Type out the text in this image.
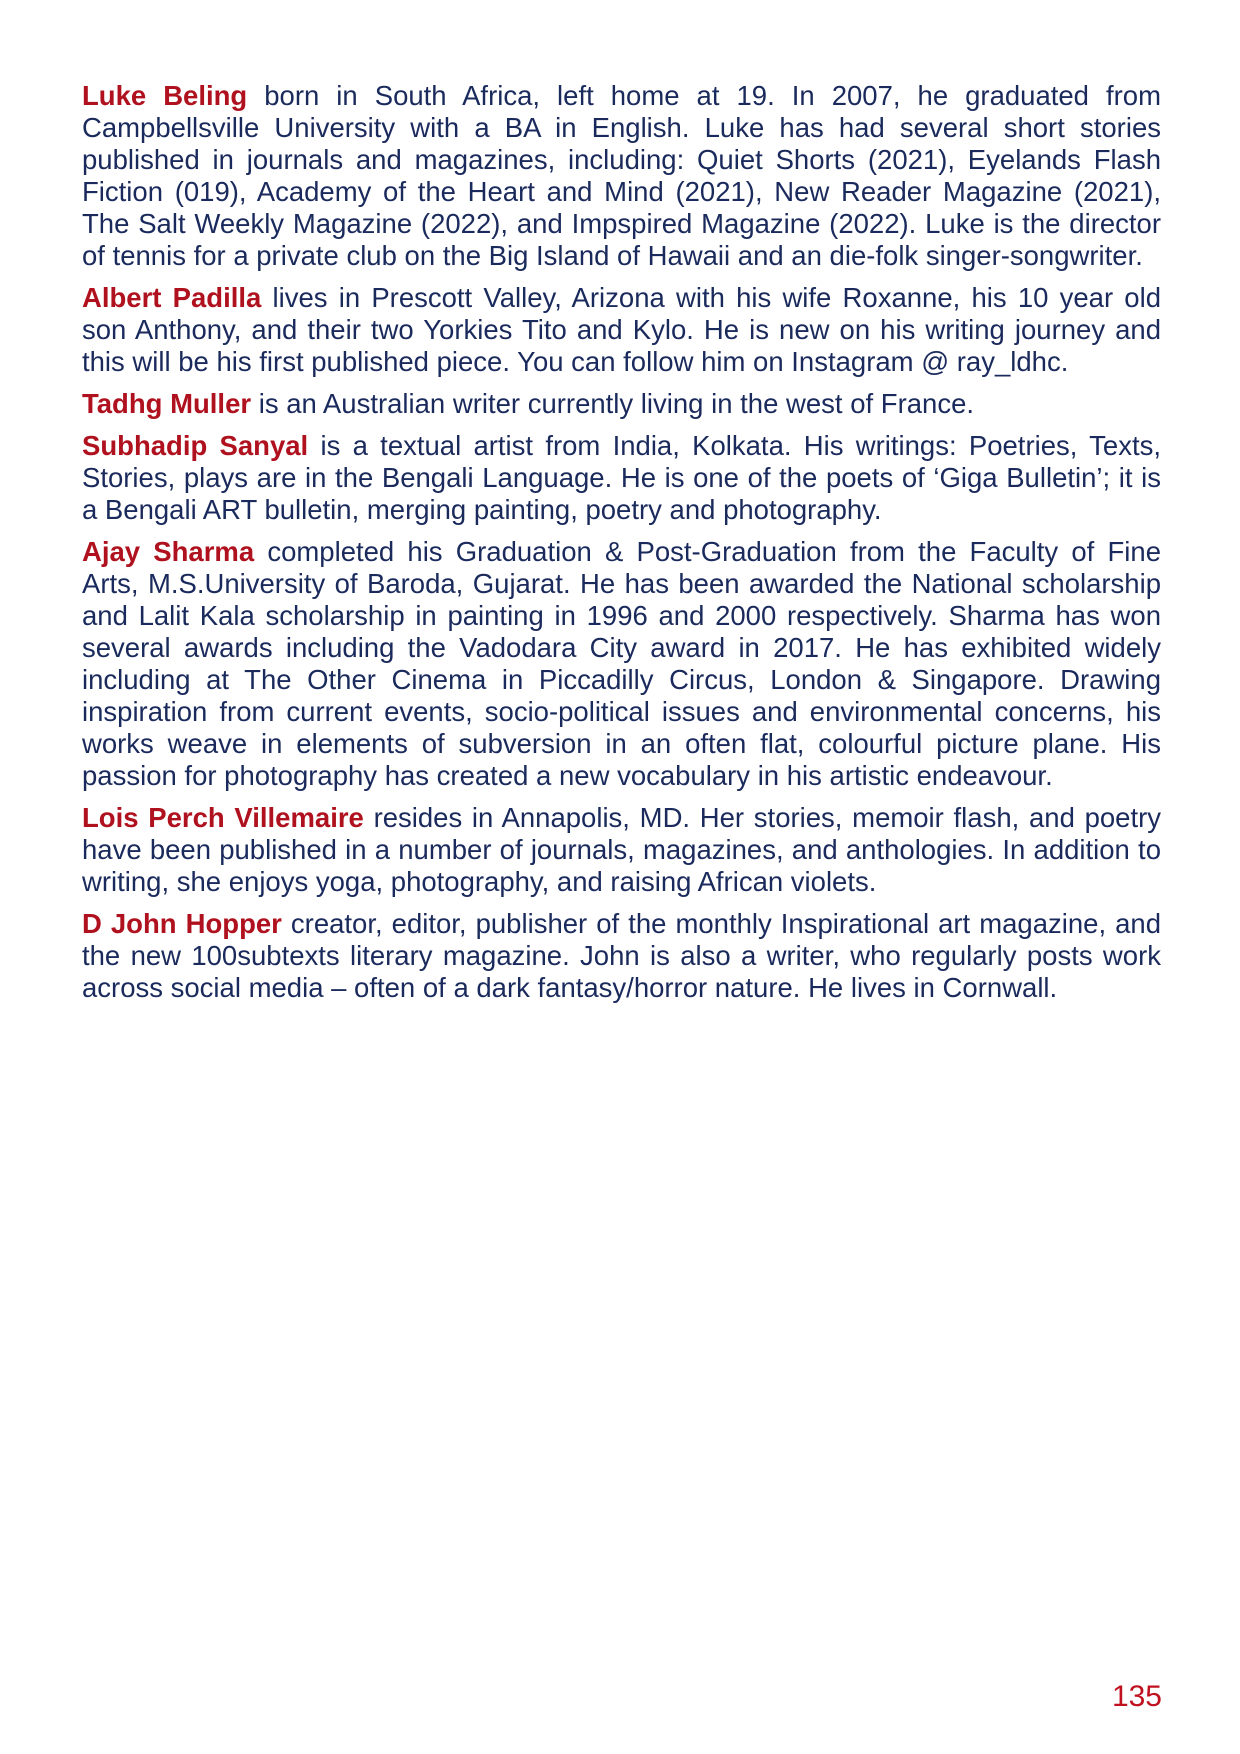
Luke Beling born in South Africa, left home at 19. In 2007, he graduated from Campbellsville University with a BA in English. Luke has had several short stories published in journals and magazines, including: Quiet Shorts (2021), Eyelands Flash Fiction (019), Academy of the Heart and Mind (2021), New Reader Magazine (2021), The Salt Weekly Magazine (2022), and Impspired Magazine (2022). Luke is the director of tennis for a private club on the Big Island of Hawaii and an die-folk singer-songwriter.

Albert Padilla lives in Prescott Valley, Arizona with his wife Roxanne, his 10 year old son Anthony, and their two Yorkies Tito and Kylo. He is new on his writing journey and this will be his first published piece. You can follow him on Instagram @ ray_ldhc.

Tadhg Muller is an Australian writer currently living in the west of France.

Subhadip Sanyal is a textual artist from India, Kolkata. His writings: Poetries, Texts, Stories, plays are in the Bengali Language. He is one of the poets of ‘Giga Bulletin’; it is a Bengali ART bulletin, merging painting, poetry and photography.

Ajay Sharma completed his Graduation & Post-Graduation from the Faculty of Fine Arts, M.S.University of Baroda, Gujarat. He has been awarded the National scholarship and Lalit Kala scholarship in painting in 1996 and 2000 respectively. Sharma has won several awards including the Vadodara City award in 2017. He has exhibited widely including at The Other Cinema in Piccadilly Circus, London & Singapore. Drawing inspiration from current events, socio-political issues and environmental concerns, his works weave in elements of subversion in an often flat, colourful picture plane. His passion for photography has created a new vocabulary in his artistic endeavour.

Lois Perch Villemaire resides in Annapolis, MD. Her stories, memoir flash, and poetry have been published in a number of journals, magazines, and anthologies. In addition to writing, she enjoys yoga, photography, and raising African violets.

D John Hopper creator, editor, publisher of the monthly Inspirational art magazine, and the new 100subtexts literary magazine. John is also a writer, who regularly posts work across social media – often of a dark fantasy/horror nature. He lives in Cornwall.

135
